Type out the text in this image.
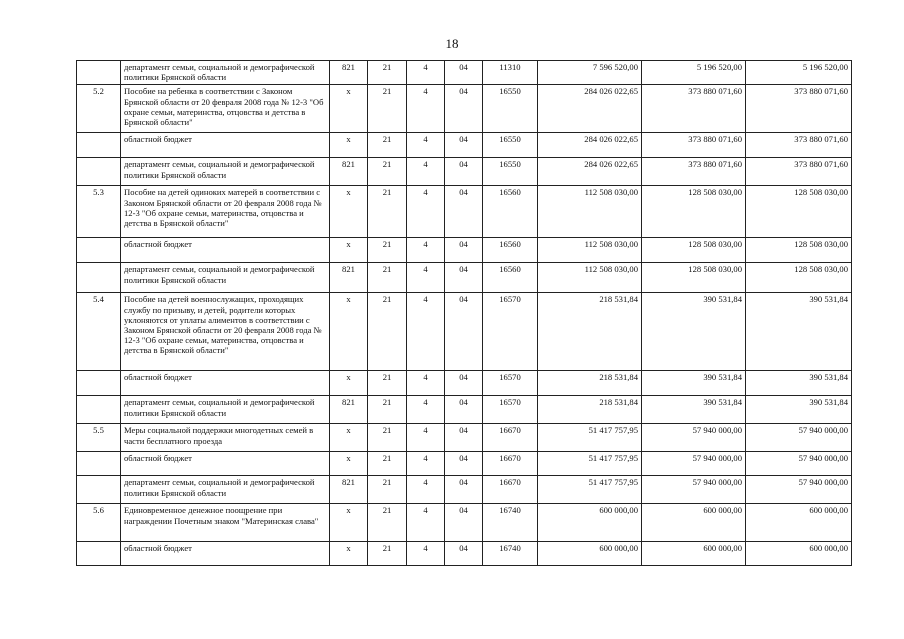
18
	департамент семьи, социальной и демографической политики Брянской области	821	21	4	04	11310	7 596 520,00	5 196 520,00	5 196 520,00
5.2	Пособие на ребенка в соответствии с Законом Брянской области от 20 февраля 2008 года № 12-3 "Об охране семьи, материнства, отцовства и детства в Брянской области"	x	21	4	04	16550	284 026 022,65	373 880 071,60	373 880 071,60
	областной бюджет	x	21	4	04	16550	284 026 022,65	373 880 071,60	373 880 071,60
	департамент семьи, социальной и демографической политики Брянской области	821	21	4	04	16550	284 026 022,65	373 880 071,60	373 880 071,60
5.3	Пособие на детей одиноких матерей в соответствии с Законом Брянской области от 20 февраля 2008 года № 12-3 "Об охране семьи, материнства, отцовства и детства в Брянской области"	x	21	4	04	16560	112 508 030,00	128 508 030,00	128 508 030,00
	областной бюджет	x	21	4	04	16560	112 508 030,00	128 508 030,00	128 508 030,00
	департамент семьи, социальной и демографической политики Брянской области	821	21	4	04	16560	112 508 030,00	128 508 030,00	128 508 030,00
5.4	Пособие на детей военнослужащих, проходящих службу по призыву, и детей, родители которых уклоняются от уплаты алиментов в соответствии с Законом Брянской области от 20 февраля 2008 года № 12-3 "Об охране семьи, материнства, отцовства и детства в Брянской области"	x	21	4	04	16570	218 531,84	390 531,84	390 531,84
	областной бюджет	x	21	4	04	16570	218 531,84	390 531,84	390 531,84
	департамент семьи, социальной и демографической политики Брянской области	821	21	4	04	16570	218 531,84	390 531,84	390 531,84
5.5	Меры социальной поддержки многодетных семей в части бесплатного проезда	x	21	4	04	16670	51 417 757,95	57 940 000,00	57 940 000,00
	областной бюджет	x	21	4	04	16670	51 417 757,95	57 940 000,00	57 940 000,00
	департамент семьи, социальной и демографической политики Брянской области	821	21	4	04	16670	51 417 757,95	57 940 000,00	57 940 000,00
5.6	Единовременное денежное поощрение при награждении Почетным знаком "Материнская слава"	x	21	4	04	16740	600 000,00	600 000,00	600 000,00
	областной бюджет	x	21	4	04	16740	600 000,00	600 000,00	600 000,00
